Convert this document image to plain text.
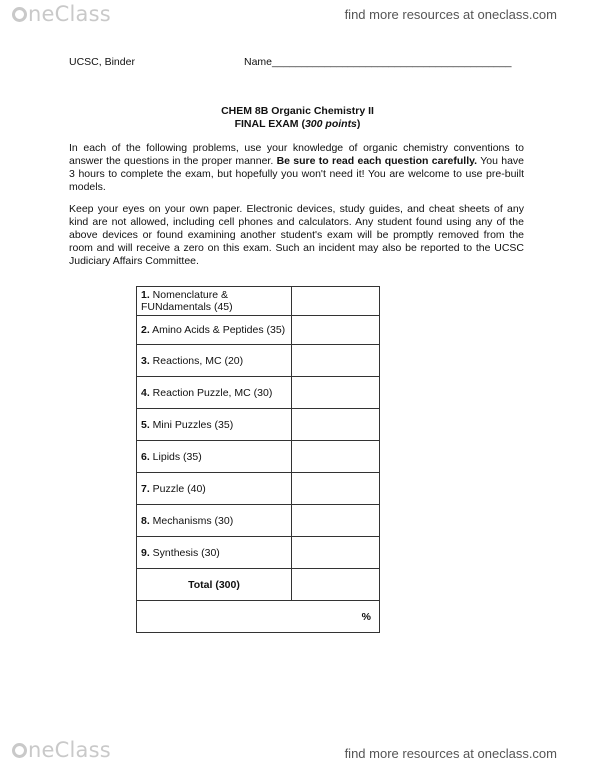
neClass	find more resources at oneclass.com
UCSC, Binder	Name_________________________________________
CHEM 8B Organic Chemistry II
FINAL EXAM (300 points)
In each of the following problems, use your knowledge of organic chemistry conventions to answer the questions in the proper manner. Be sure to read each question carefully. You have 3 hours to complete the exam, but hopefully you won't need it! You are welcome to use pre-built models.
Keep your eyes on your own paper. Electronic devices, study guides, and cheat sheets of any kind are not allowed, including cell phones and calculators. Any student found using any of the above devices or found examining another student's exam will be promptly removed from the room and will receive a zero on this exam. Such an incident may also be reported to the UCSC Judiciary Affairs Committee.
1. Nomenclature & FUNdamentals (45)	
2. Amino Acids & Peptides (35)	
3. Reactions, MC (20)	
4. Reaction Puzzle, MC (30)	
5. Mini Puzzles (35)	
6. Lipids (35)	
7. Puzzle (40)	
8. Mechanisms (30)	
9. Synthesis (30)	
Total (300)	
%	
neClass	find more resources at oneclass.com
